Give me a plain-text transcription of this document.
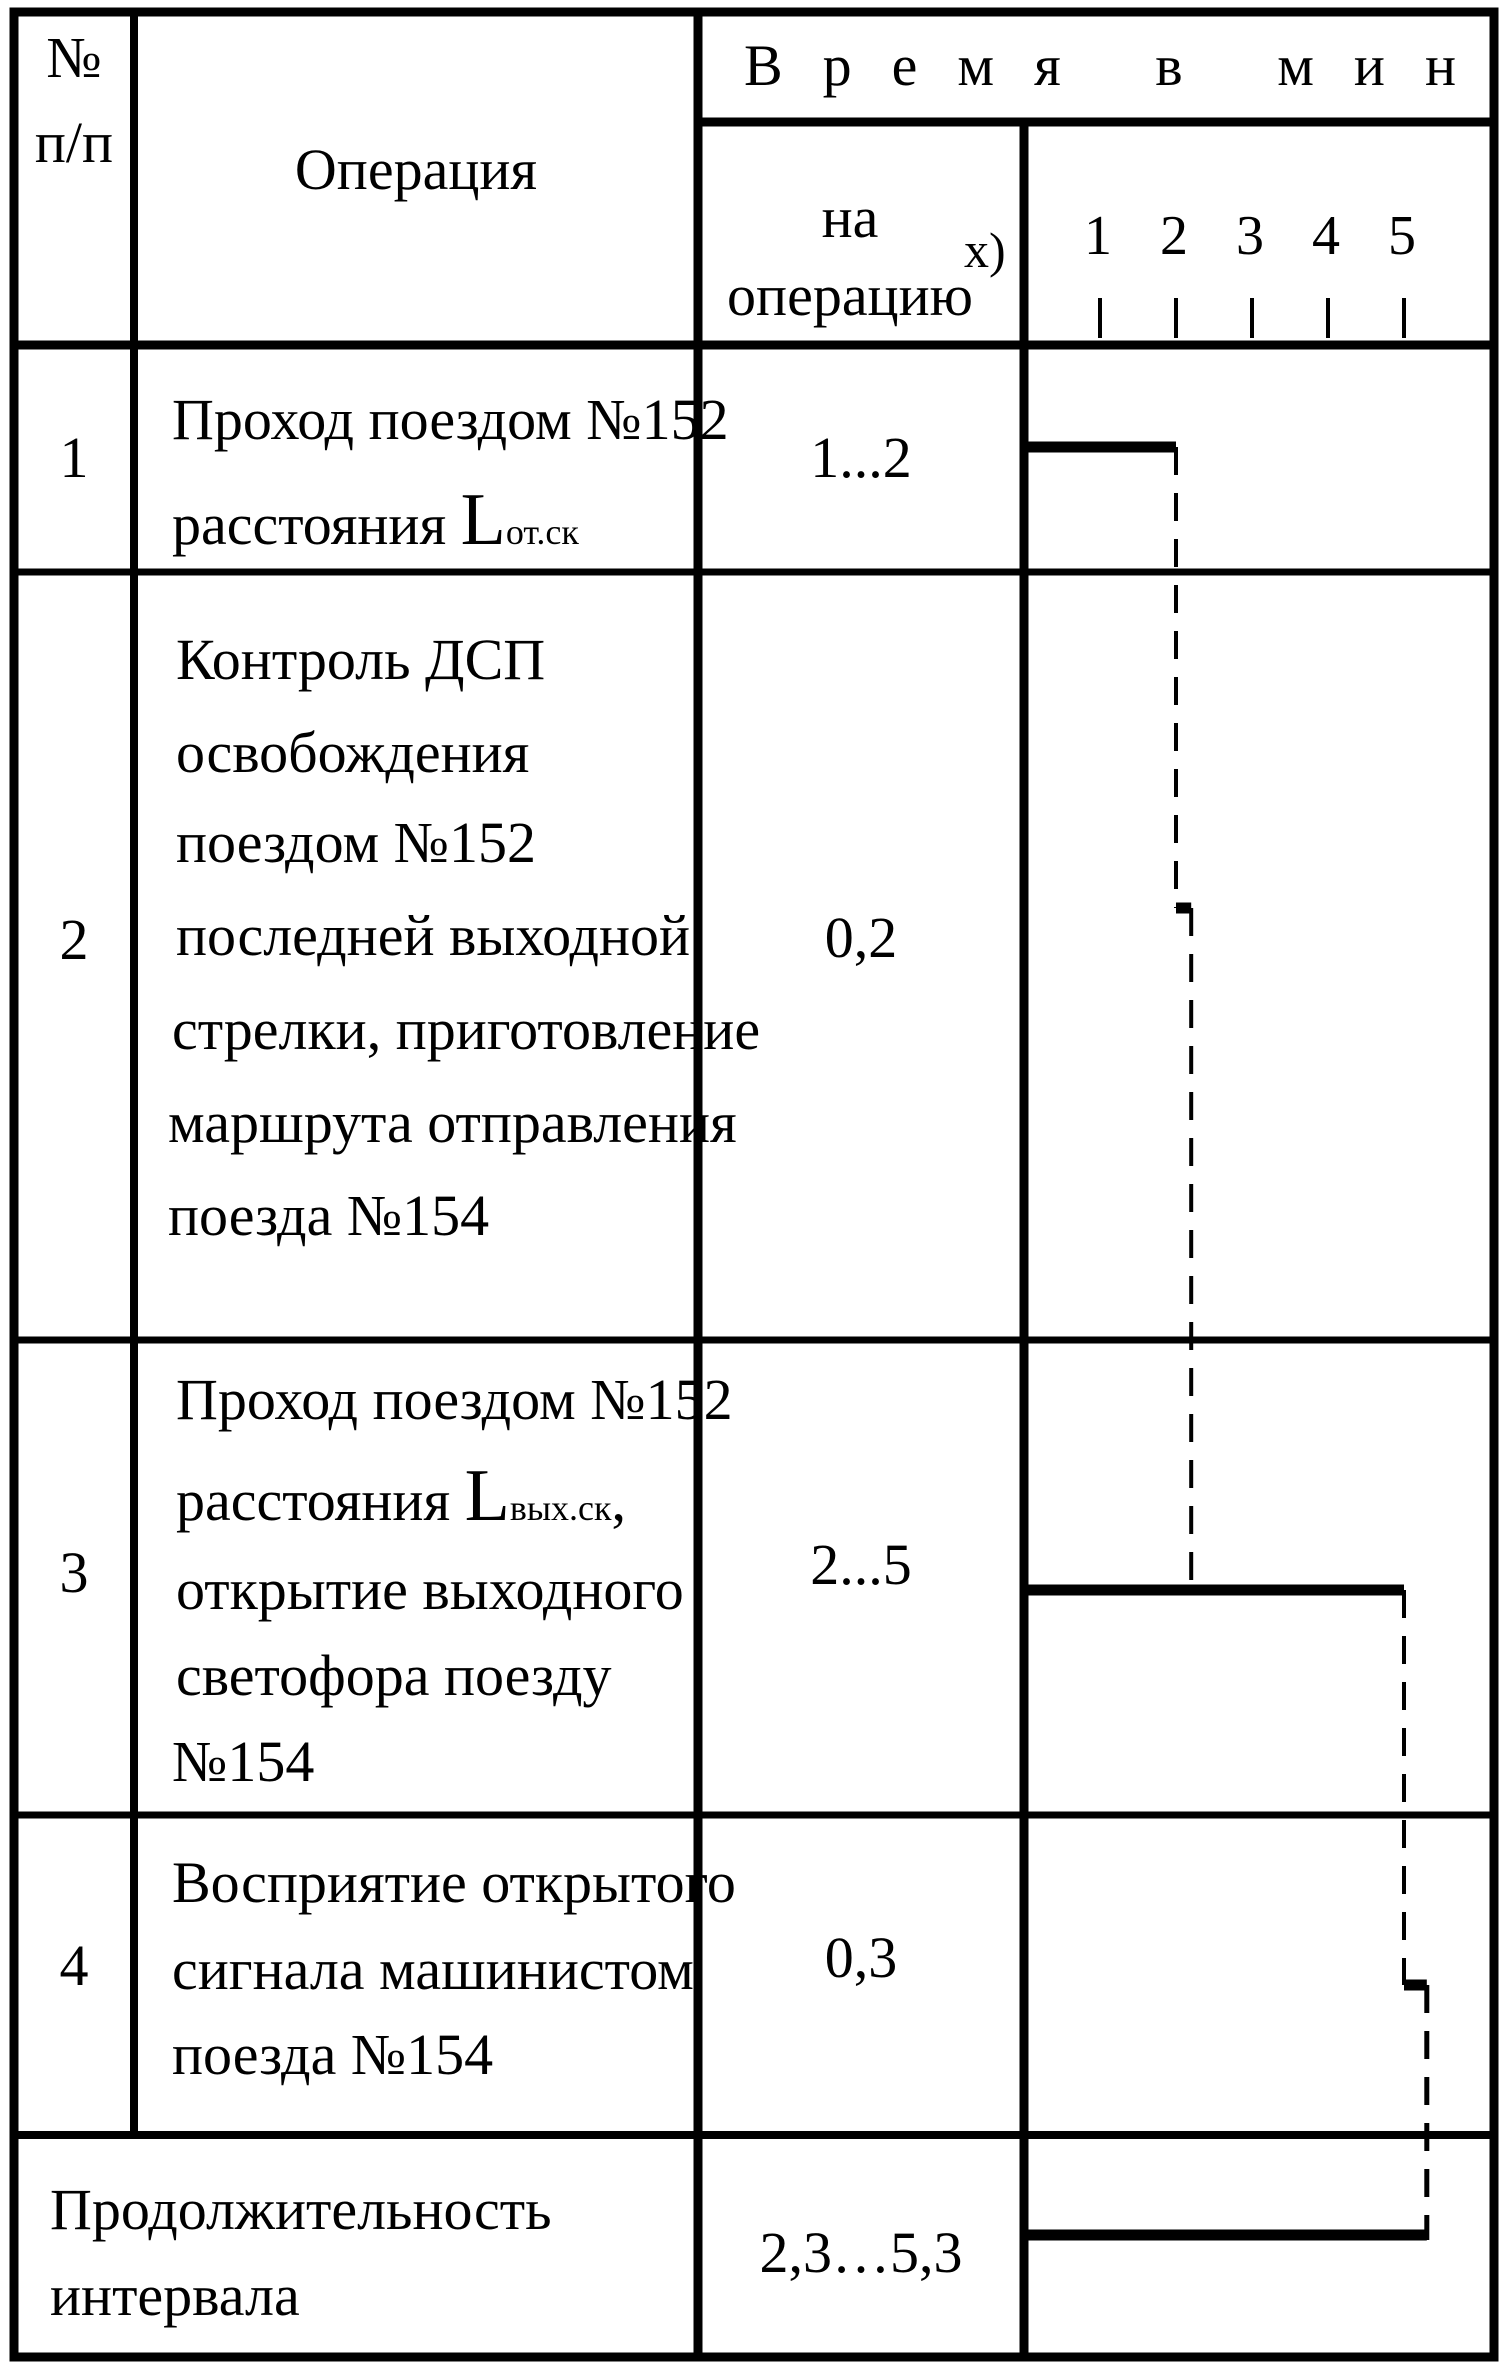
№
п/п	Операция
Время в мин
на
операцию
х) 1 2 3 4 5
1
Проход поездом №152
расстояния Lот.ск
1...2
2
Контроль ДСП
освобождения
поездом №152
последней выходной
стрелки, приготовление
маршрута отправления
поезда №154
0,2
3
Проход поездом №152
расстояния Lвых.ск,
открытие выходного
светофора поезду
№154
2...5
4
Восприятие открытого
сигнала машинистом
поезда №154
0,3
Продолжительность
интервала
2,3…5,3
